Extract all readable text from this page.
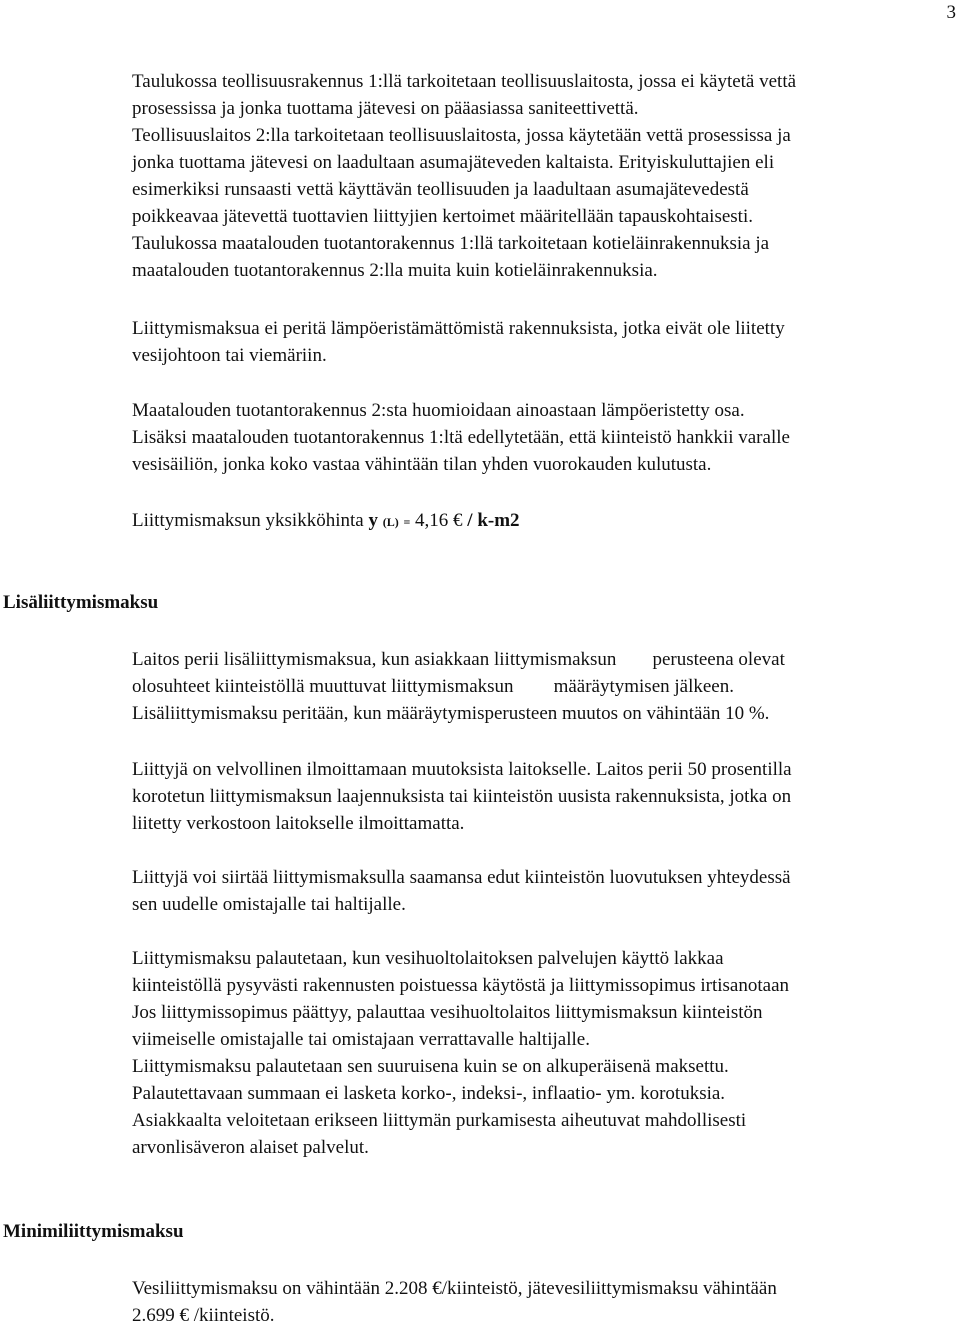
3

Taulukossa teollisuusrakennus 1:llä tarkoitetaan teollisuuslaitosta, jossa ei käytetä vettä

prosessissa ja jonka tuottama jätevesi on pääasiassa saniteettivettä.

Teollisuuslaitos 2:lla tarkoitetaan teollisuuslaitosta, jossa käytetään vettä prosessissa ja

jonka tuottama jätevesi on laadultaan asumajäteveden kaltaista. Erityiskuluttajien eli

esimerkiksi runsaasti vettä käyttävän teollisuuden ja laadultaan asumajätevedestä

poikkeavaa jätevettä tuottavien liittyjien kertoimet määritellään tapauskohtaisesti.

Taulukossa maatalouden tuotantorakennus 1:llä tarkoitetaan kotieläinrakennuksia ja

maatalouden tuotantorakennus 2:lla muita kuin kotieläinrakennuksia.

Liittymismaksua ei peritä lämpöeristämättömistä rakennuksista, jotka eivät ole liitetty

vesijohtoon tai viemäriin.

Maatalouden tuotantorakennus 2:sta huomioidaan ainoastaan lämpöeristetty osa.

Lisäksi maatalouden tuotantorakennus 1:ltä edellytetään, että kiinteistö hankkii varalle

vesisäiliön, jonka koko vastaa vähintään tilan yhden vuorokauden kulutusta.

Liittymismaksun yksikköhinta y (L) = 4,16 € / k-m2
Lisäliittymismaksu

Laitos perii lisäliittymismaksua, kun asiakkaan liittymismaksun perusteena olevat

olosuhteet kiinteistöllä muuttuvat liittymismaksun määräytymisen jälkeen.

Lisäliittymismaksu peritään, kun määräytymisperusteen muutos on vähintään 10 %.

Liittyjä on velvollinen ilmoittamaan muutoksista laitokselle. Laitos perii 50 prosentilla

korotetun liittymismaksun laajennuksista tai kiinteistön uusista rakennuksista, jotka on

liitetty verkostoon laitokselle ilmoittamatta.

Liittyjä voi siirtää liittymismaksulla saamansa edut kiinteistön luovutuksen yhteydessä

sen uudelle omistajalle tai haltijalle.

Liittymismaksu palautetaan, kun vesihuoltolaitoksen palvelujen käyttö lakkaa

kiinteistöllä pysyvästi rakennusten poistuessa käytöstä ja liittymissopimus irtisanotaan

Jos liittymissopimus päättyy, palauttaa vesihuoltolaitos liittymismaksun kiinteistön

viimeiselle omistajalle tai omistajaan verrattavalle haltijalle.

Liittymismaksu palautetaan sen suuruisena kuin se on alkuperäisenä maksettu.

Palautettavaan summaan ei lasketa korko-, indeksi-, inflaatio- ym. korotuksia.

Asiakkaalta veloitetaan erikseen liittymän purkamisesta aiheutuvat mahdollisesti

arvonlisäveron alaiset palvelut.

Minimiliittymismaksu

Vesiliittymismaksu on vähintään 2.208 €/kiinteistö, jätevesiliittymismaksu vähintään

2.699 € /kiinteistö.
